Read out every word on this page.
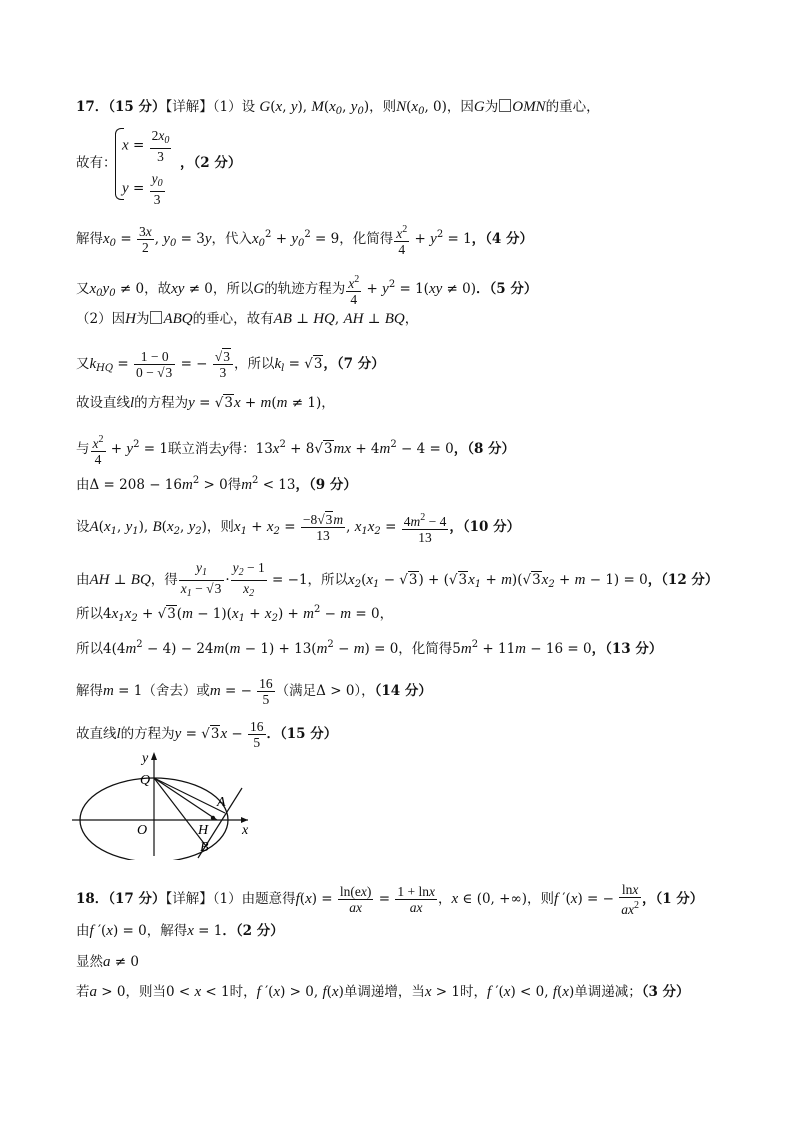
17．（15 分）【详解】（1）设 G(x, y), $M(x_0$, $y_0$)，则$N(x_0$, 0)，因G为 OMN的重心，
故有：
$x = \frac{2x_0}{3}$
$y = \frac{y_0}{3}$
，（2 分）
解得$x_0 = \frac{3x}{2}$ , $y_0 = 3y$，代入$x_0^2 + y_0^2 = 9$，化简得 $\frac{x^2}{4} + y^2 = 1$，（4 分）
又$x_0y_0 \ne 0$，故xy ≠ 0，所以G的轨迹方程为 $\frac{x^2}{4} + y^2 = 1(xy \ne 0)$．（5 分）
（2）因H为 ABQ的垂心，故有AB ⊥ HQ, AH ⊥ BQ，
又$k_{HQ} = \frac{1 - 0}{0 - √3}$ = − $\frac{√3}{3}$ ，所以$k_l = √3$，（7 分）
故设直线l的方程为y = √3x + m(m ≠ 1)，
与 $\frac{x^2}{4} + y^2 = 1$联立消去y得：$13x^2 + 8√3mx + 4m^2 - 4 = 0$，（8 分）
由$\Delta = 208 - 16m^2 > 0$得$m^2 < 13$，（9 分）
设$A(x_1$, $y_1$), $B(x_2$, $y_2$)，则$x_1 + x_2 = \frac{-8√3m}{13}$ , $x_1x_2 = \frac{4m^2 - 4}{13}$ ，（10 分）
由AH ⊥ BQ，得 $\frac{y_1}{x_1 - √3} \cdot \frac{y_2 - 1}{x_2} = -1$，所以$x_2(x_1 - √3) + (√3x_1 + m)(√3x_2 + m - 1) = 0$，（12 分）
所以$4x_1x_2 + √3(m - 1)(x_1 + x_2) + m^2 - m = 0$，
所以$4(4m^2 - 4) - 24m(m - 1) + 13(m^2 - m) = 0$，化简得$5m^2 + 11m - 16 = 0$，（13 分）
解得m = 1（舍去）或m = − $\frac{16}{5}$ （满足Δ > 0），（14 分）
故直线l的方程为$y = √3x - \frac{16}{5}$ ．（15 分）
y
x
Q
O
A
H
B
18．（17 分）【详解】（1）由题意得$f(x) = \frac{\ln(ex)}{ax} = \frac{1 + \ln x}{ax}$ ，x ∈ (0, +∞)，则f ′(x) = − $\frac{\ln x}{ax^2}$ ，（1 分）
由f ′(x) = 0，解得x = 1．（2 分）
显然a ≠ 0
若a > 0，则当0 < x < 1时，f ′(x) > 0, f(x)单调递增，当x > 1时，f ′(x) < 0, f(x)单调递减；（3 分）
